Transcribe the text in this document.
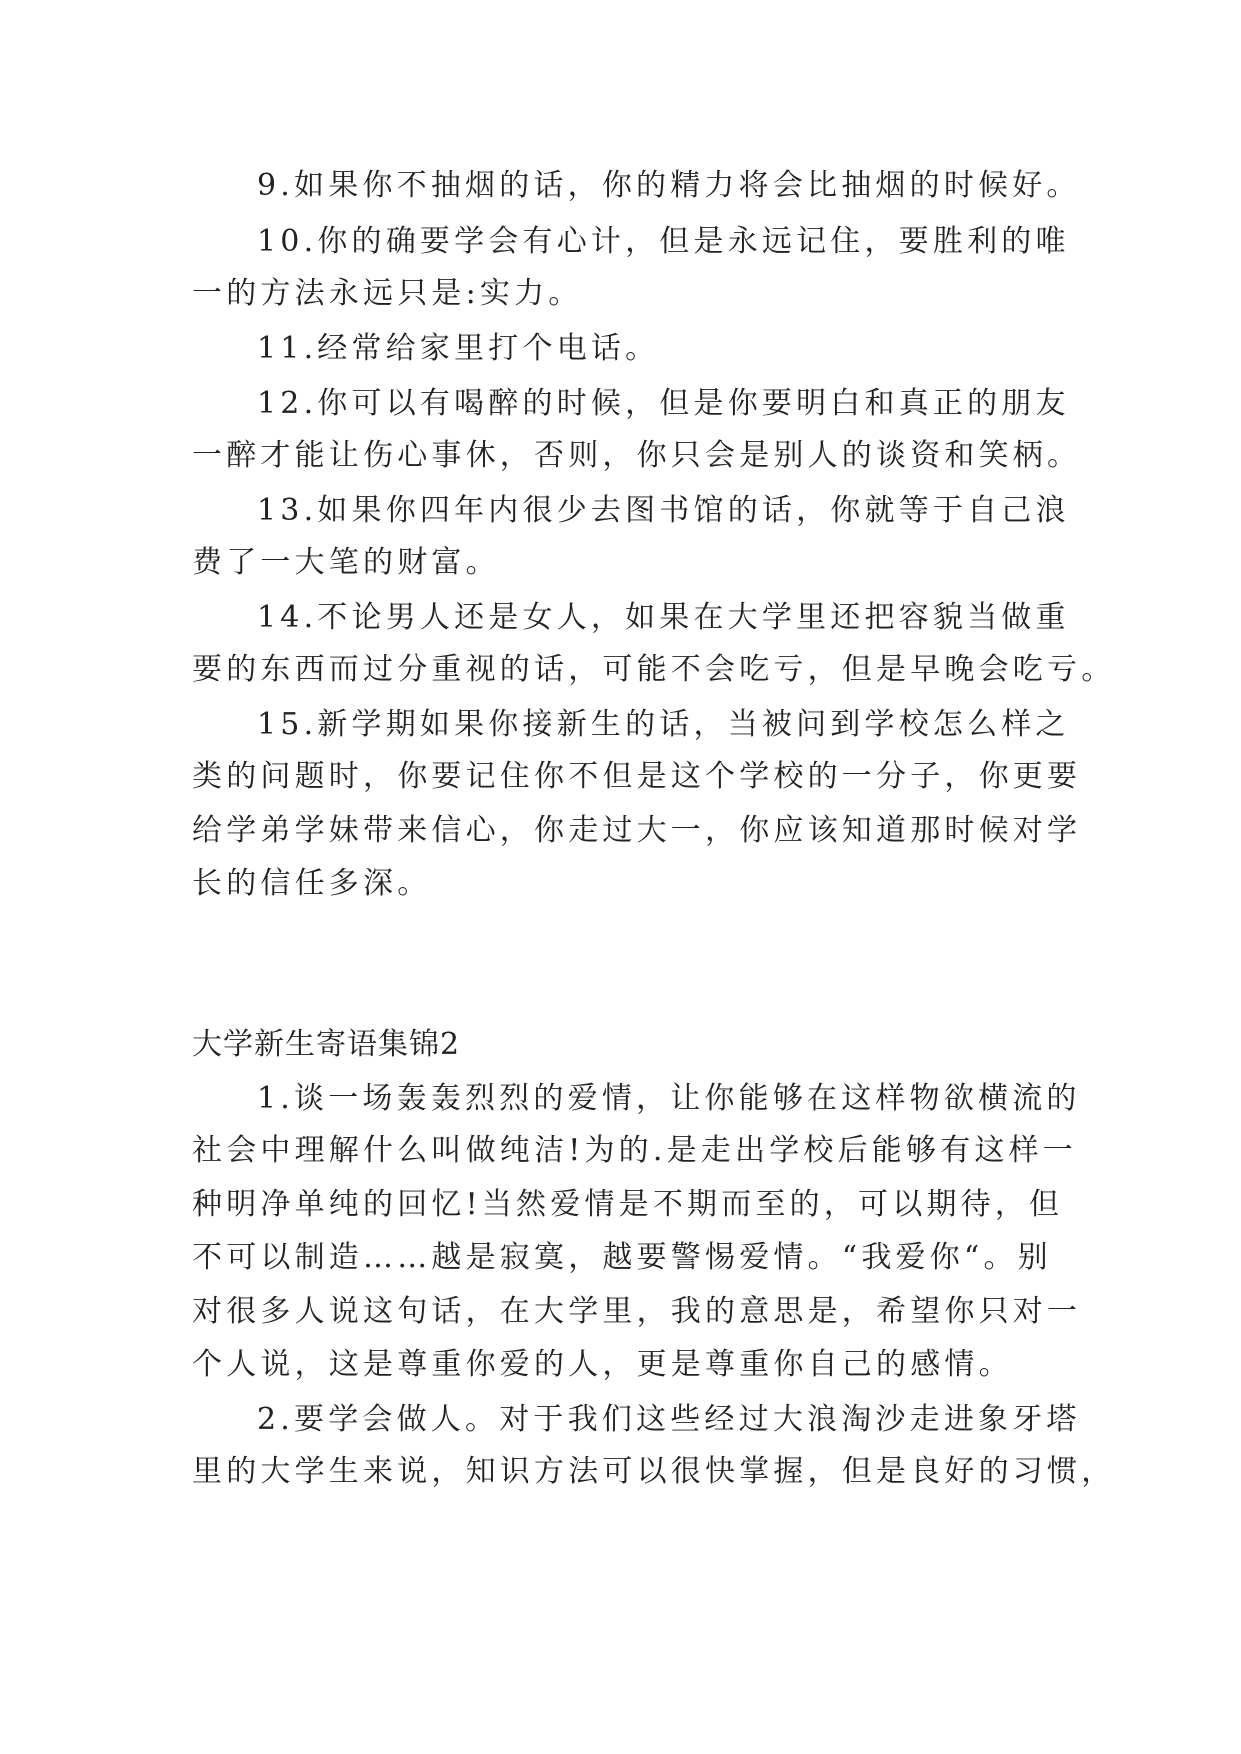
9.如果你不抽烟的话，你的精力将会比抽烟的时候好。
10.你的确要学会有心计，但是永远记住，要胜利的唯
一的方法永远只是:实力。
11.经常给家里打个电话。
12.你可以有喝醉的时候，但是你要明白和真正的朋友
一醉才能让伤心事休，否则，你只会是别人的谈资和笑柄。
13.如果你四年内很少去图书馆的话，你就等于自己浪
费了一大笔的财富。
14.不论男人还是女人，如果在大学里还把容貌当做重
要的东西而过分重视的话，可能不会吃亏，但是早晚会吃亏。
15.新学期如果你接新生的话，当被问到学校怎么样之
类的问题时，你要记住你不但是这个学校的一分子，你更要
给学弟学妹带来信心，你走过大一，你应该知道那时候对学
长的信任多深。
大学新生寄语集锦2
1.谈一场轰轰烈烈的爱情，让你能够在这样物欲横流的
社会中理解什么叫做纯洁!为的.是走出学校后能够有这样一
种明净单纯的回忆!当然爱情是不期而至的，可以期待，但
不可以制造……越是寂寞，越要警惕爱情。“我爱你“。别
对很多人说这句话，在大学里，我的意思是，希望你只对一
个人说，这是尊重你爱的人，更是尊重你自己的感情。
2.要学会做人。对于我们这些经过大浪淘沙走进象牙塔
里的大学生来说，知识方法可以很快掌握，但是良好的习惯，
